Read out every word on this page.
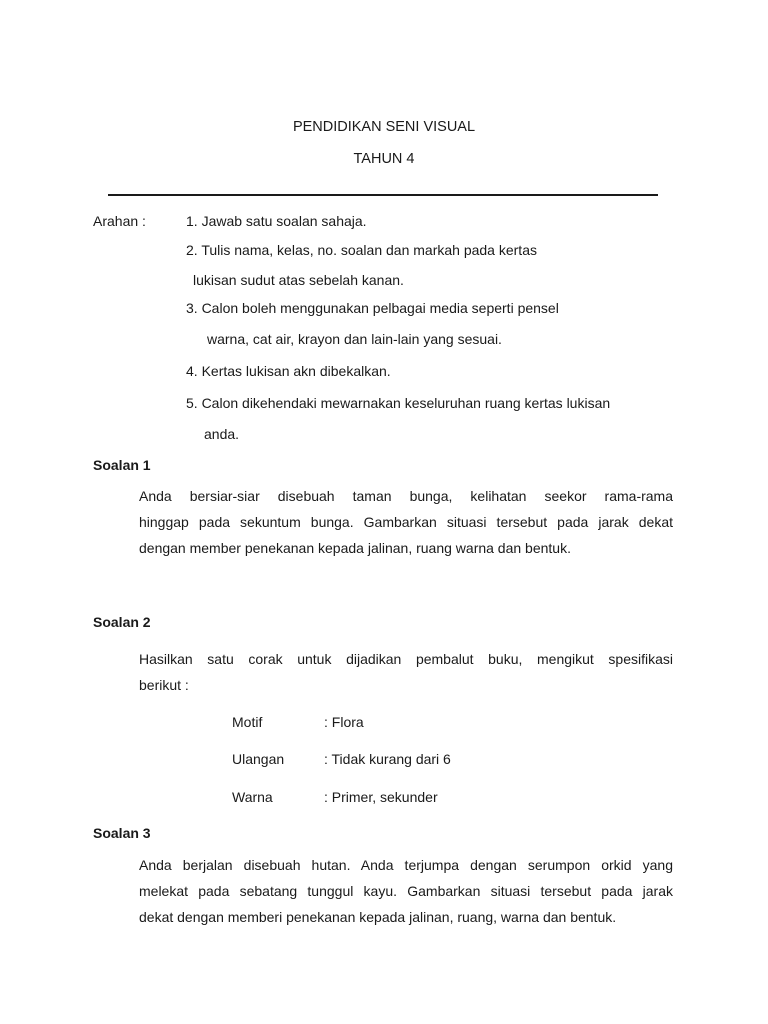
PENDIDIKAN SENI VISUAL
TAHUN 4
Arahan :	1. Jawab satu soalan sahaja.
2. Tulis nama, kelas, no. soalan dan markah pada kertas
lukisan sudut atas sebelah kanan.
3. Calon boleh menggunakan pelbagai media seperti pensel
warna, cat air, krayon dan lain-lain yang sesuai.
4. Kertas lukisan akn dibekalkan.
5. Calon dikehendaki mewarnakan keseluruhan ruang kertas lukisan
anda.
Soalan 1
Anda bersiar-siar disebuah taman bunga, kelihatan seekor rama-rama
hinggap pada sekuntum bunga. Gambarkan situasi tersebut pada jarak dekat
dengan member penekanan kepada jalinan, ruang warna dan bentuk.
Soalan 2
Hasilkan satu corak untuk dijadikan pembalut buku, mengikut spesifikasi
berikut :
Motif	: Flora
Ulangan	: Tidak kurang dari 6
Warna	: Primer, sekunder
Soalan 3
Anda berjalan disebuah hutan. Anda terjumpa dengan serumpon orkid yang
melekat pada sebatang tunggul kayu. Gambarkan situasi tersebut pada jarak
dekat dengan memberi penekanan kepada jalinan, ruang, warna dan bentuk.
